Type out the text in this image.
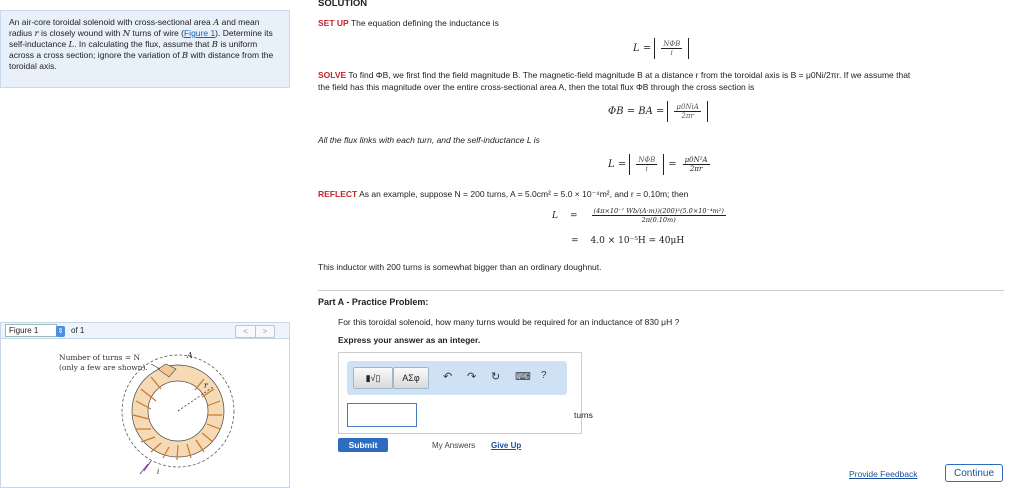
An air-core toroidal solenoid with cross-sectional area A and mean radius r is closely wound with N turns of wire (Figure 1). Determine its self-inductance L. In calculating the flux, assume that B is uniform across a cross section; ignore the variation of B with distance from the toroidal axis.
Figure 1	⇕ of 1	<	>
Number of turns = N
(only a few are shown).
A
r
i
SOLUTION
SET UP The equation defining the inductance is
$L = \frac{\text{NΦB}}{i}$
SOLVE To find ΦB, we first find the field magnitude B. The magnetic-field magnitude B at a distance r from the toroidal axis is B = μ0Ni/2πr. If we assume that
the field has this magnitude over the entire cross-sectional area A, then the total flux ΦB through the cross section is
ΦB = BA = $\frac{\text{μ0NiA}}{2\pi r}$
All the flux links with each turn, and the self-inductance L is
$L = \frac{\text{NΦB}}{i} = \frac{\text{μ0N²A}}{2\pi r}$
REFLECT As an example, suppose N = 200 turns, A = 5.0cm² = 5.0 × 10⁻⁴m², and r = 0.10m; then
$L = \frac{\text{(4π×10⁻⁷ Wb/(A·m))(200)²(5.0×10⁻⁴m²)}}{2\pi(0.10m)}$
= 4.0 × 10⁻⁵H = 40μH
This inductor with 200 turns is somewhat bigger than an ordinary doughnut.
Part A - Practice Problem:
For this toroidal solenoid, how many turns would be required for an inductance of 830 μH ?
Express your answer as an integer.
▮√▯	ΑΣφ	↶ ↷ ↻ ⌨ ?
turns
Submit	My Answers Give Up
Provide Feedback	Continue
